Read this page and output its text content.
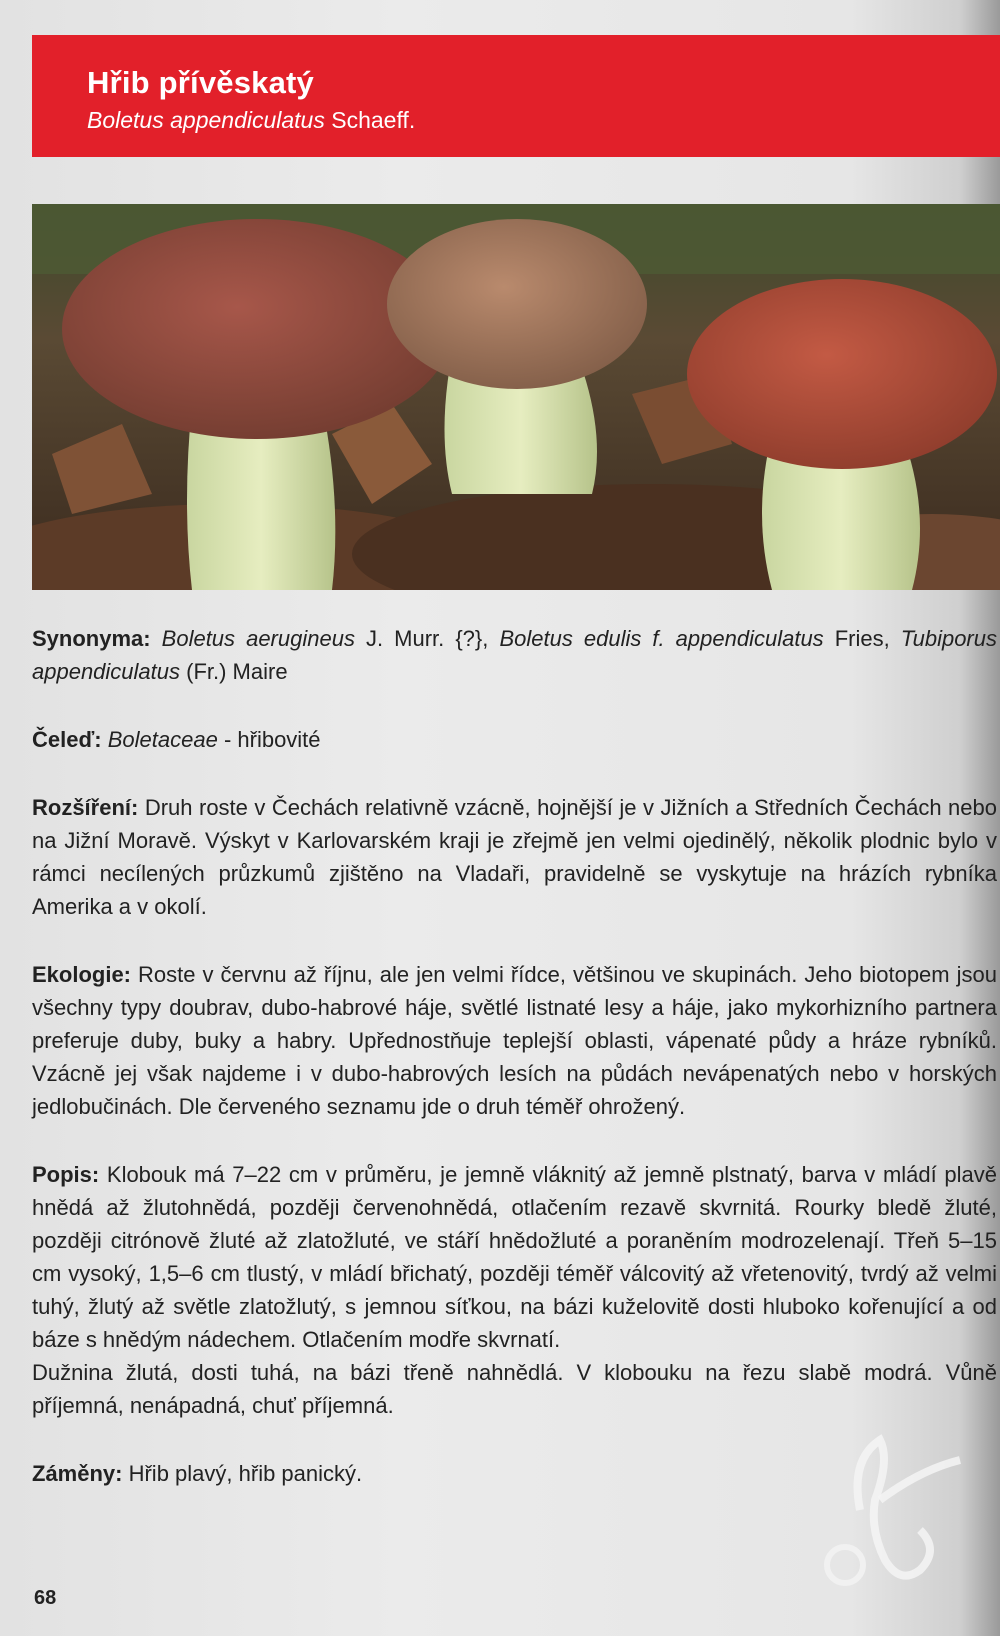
Hřib přívěskatý
Boletus appendiculatus Schaeff.

Synonyma: Boletus aerugineus J. Murr. {?}, Boletus edulis f. appendiculatus Fries, Tubiporus appendiculatus (Fr.) Maire

Čeleď: Boletaceae - hřibovité

Rozšíření: Druh roste v Čechách relativně vzácně, hojnější je v Jižních a Středních Čechách nebo na Jižní Moravě. Výskyt v Karlovarském kraji je zřejmě jen velmi ojedinělý, několik plodnic bylo v rámci necílených průzkumů zjištěno na Vladaři, pravidelně se vyskytuje na hrázích rybníka Amerika a v okolí.

Ekologie: Roste v červnu až říjnu, ale jen velmi řídce, většinou ve skupinách. Jeho biotopem jsou všechny typy doubrav, dubo-habrové háje, světlé listnaté lesy a háje, jako mykorhizního partnera preferuje duby, buky a habry. Upřednostňuje teplejší oblasti, vápenaté půdy a hráze rybníků. Vzácně jej však najdeme i v dubo-habrových lesích na půdách nevápenatých nebo v horských jedlobučinách. Dle červeného seznamu jde o druh téměř ohrožený.

Popis: Klobouk má 7–22 cm v průměru, je jemně vláknitý až jemně plstnatý, barva v mládí plavě hnědá až žlutohnědá, později červenohnědá, otlačením rezavě skvrnitá. Rourky bledě žluté, později citrónově žluté až zlatožluté, ve stáří hnědožluté a poraněním modrozelenají. Třeň 5–15 cm vysoký, 1,5–6 cm tlustý, v mládí břichatý, později téměř válcovitý až vřetenovitý, tvrdý až velmi tuhý, žlutý až světle zlatožlutý, s jemnou síťkou, na bázi kuželovitě dosti hluboko kořenující a od báze s hnědým nádechem. Otlačením modře skvrnatí.

Dužnina žlutá, dosti tuhá, na bázi třeně nahnědlá. V klobouku na řezu slabě modrá. Vůně příjemná, nenápadná, chuť příjemná.

Záměny: Hřib plavý, hřib panický.

68
